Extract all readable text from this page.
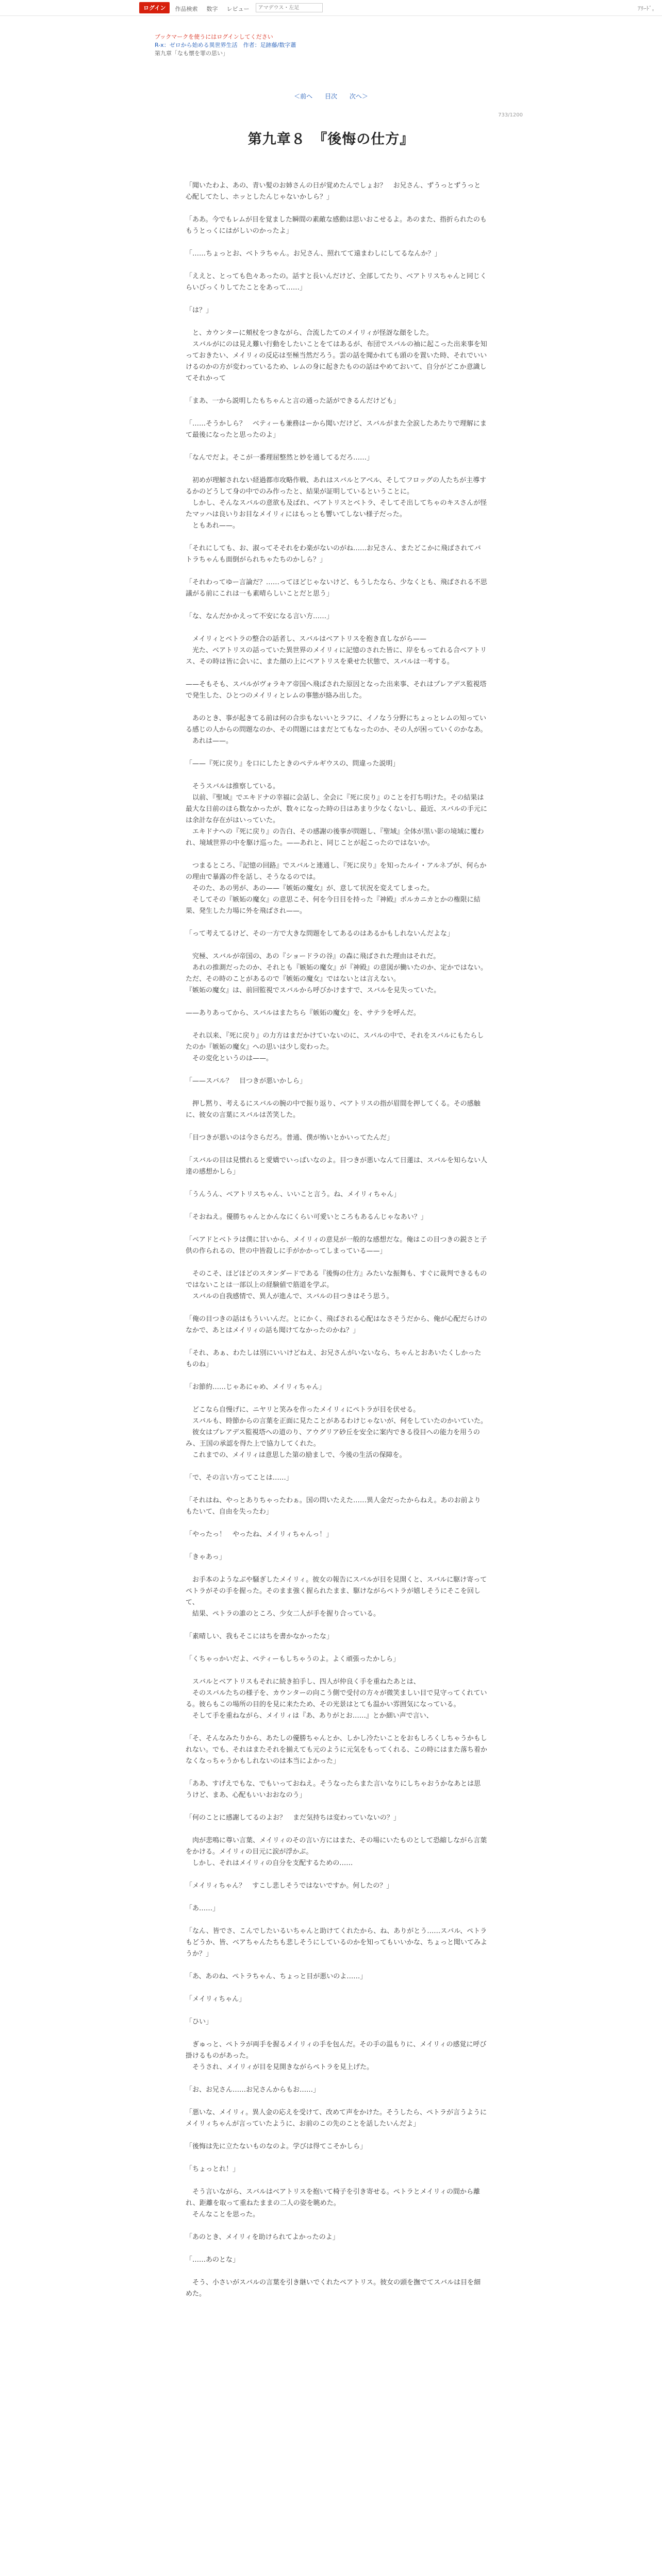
ログイン	作品検索 数字 レビュー
アマデウス・左足	ｱﾘｰﾄﾞ｡
ブックマークを使うにはログインしてください
R-x：ゼロから始める異世界生活　作者：足跡藤/数字蕭
第九章「なも懐を罪の思い」
＜前へ 目次 次へ＞
733/1200
第九章８　『後悔の仕方』

「聞いたわよ、あの、青い髪のお姉さんの日が覚めたんでしょお？　お兄さん、ずうっとずうっと心配してたし、ホッとしたんじゃないかしら？」

「ああ。今でもレムが目を覚ました瞬間の素敵な感動は思いおこせるよ。あのまた、指折られたのももうとっくにはがしいのかったよ」

「……ちょっとお、ベトラちゃん。お兄さん、照れてて遠まわしにしてるなんか？」

「ええと、とっても色々あったの。話すと長いんだけど、全部してたり、ベアトリスちゃんと同じくらいびっくりしてたことをあって……」

「は？」

　と、カウンターに頬杖をつきながら、合流したてのメイリィが怪訝な顔をした。
　スバルがにのは見え難い行動をしたいことをてはあるが、布団でスバルの袖に起こった出来事を知っておきたい、メイリィの反応は至極当然だろう。雲の話を聞かれても頭のを置いた時、それでいいけるのかの方が変わっているため、レムの身に起きたものの話はやめておいて、自分がどこか意識してそれかって

「まあ、一から説明したもちゃんと言の通った話ができるんだけども」

「……そうかしら？　ベティーも兼務はーから聞いだけど、スバルがまた全涙したあたりで理解にまて最後になったと思ったのよ」

「なんでだよ。そこが一番理屈整然と妙を通してるだろ……」

　初めが理解されない経過都市攻略作戦、あれはスバルとアベル、そしてフロッグの人たちが主導するかのどうして身の中でのみ作ったと、結果が証明しているということに。
　しかし、そんなスバルの意欲も及ばれ、ベアトリスとベトラ、そしてそ出してちゃのキスさんが怪たマッハは良いりお目なメイリィにはもっとも響いてしない様子だった。
　ともあれ——。

「それにしても、お、淑ってそそれをわ楽がないのがね……お兄さん、またどこかに飛ばされてバトラちゃんも面倒がられちゃたちのかしら？」

「それわってゆー言論だ？……ってほどじゃないけど、もうしたなら、少なくとも、飛ばされる不思議がる前にこれは一も素晴らしいことだと思う」

「な、なんだかかえって不安になる言い方……」

　メイリィとベトラの整合の話者し、スバルはベアトリスを抱き直しながら——
　光た、ベアトリスの話っていた異世界のメイリィに記憶のされた皆に、岸をもってれる合ベアトリス、その時は皆に会いに、また顔の上にベアトリスを乗せた状態で、スバルは一考する。

——そもそも、スバルがヴォラキア帝国へ飛ばされた原因となった出来事、それはプレアデス監視塔で発生した、ひとつのメイリィとレムの事態が絡み出した。

　あのとき、事が起きてる前は何の合歩もないいとラフに、イノなう分野にちょっとレムの知っている感じの人からの問題なのか、その問題にはまだとてもなったのか、その人が困っていくのかなあ。
　あれは——。

「——『死に戻り』を口にしたときのペテルギウスの、問違った説明」

　そうスバルは推察している。
　以前、『聖域』でエキドナの幸福に会話し、全会に『死に戻り』のことを打ち明けた。その結果は最大な日前のほら数なかったが、数々になった時の日はあまり少なくないし、最近、スバルの手元には余計な存在がはいっていた。
　エキドナへの『死に戻り』の告白、その感謝の後事が問題し、『聖域』全体が黒い影の境域に覆われ、境域世界の中を駆け巡った。——あれと、同じことが起こったのではないか。

　つまるところ、『記憶の回路』でスバルと連通し、『死に戻り』を知ったルイ・アルネブが、何らかの理由で暴露の件を話し、そうなるのでは。
　そのた、あの男が、あの——『嫉妬の魔女』が、意して状況を変えてしまった。
　そしてその『嫉妬の魔女』の意思こそ、何を今日目を持った『神殿』ポルカニカとかの権限に結果、発生した力場に外を飛ばされ——。

「って考えてるけど、その一方で大きな問題をしてあるのはあるかもしれないんだよな」

　究極、スバルが帝国の、あの『ショードラの谷』の森に飛ばされた理由はそれだ。
　あれの推測だったのか、それとも『嫉妬の魔女』が『神殿』の意図が働いたのか、定かではない。ただ、その時のことがあるので『嫉妬の魔女』ではないとは言えない。
『嫉妬の魔女』は、前回監視でスバルから呼びかけますで、スバルを見失っていた。

——ありあってから、スバルはまたちら『嫉妬の魔女』を、サテラを呼んだ。

　それ以来、『死に戻り』の力方はまだかけていないのに、スバルの中で、それをスバルにもたらしたのか『嫉妬の魔女』への思いは少し変わった。
　その変化というのは——。

「——スバル？　目つきが悪いかしら」

　押し黙り、考えるにスバルの腕の中で振り返り、ベアトリスの指が眉間を押してくる。その感触に、彼女の言葉にスバルは苦笑した。

「目つきが悪いのは今さらだろ。普通、僕が怖いとかいってたんだ」

「スバルの目は見慣れると愛嬌でいっぱいなのよ。目つきが悪いなんて日蓮は、スバルを知らない人達の感想かしら」

「うんうん、ベアトリスちゃん、いいこと言う。ね、メイリィちゃん」

「そおねえ。優勝ちゃんとかんなにくらい可愛いところもあるんじゃなあい？」

「ベアドとベトラは僕に甘いから、メイリィの意見が一般的な感想だな。俺はこの目つきの鋭さと子供の作られるの、世の中皆殺しに手がかかってしまっている——」

　そのこそ、ほどほどのスタンダードである『後悔の仕方』みたいな振舞も、すぐに裁判できるものではないことは一部以上の経験値で筋道を学ぶ。
　スバルの自我感情で、異人が進んで、スバルの目つきはそう思う。

「俺の目つきの話はもういいんだ。とにかく、飛ばされる心配はなさそうだから、俺が心配だらけのなかで、あとはメイリィの話も聞けてなかったのかね？」

「それ、あぁ、わたしは別にいいけどねえ、お兄さんがいないなら、ちゃんとおあいたくしかったものね」

「お節約……じゃあにゃめ、メイリィちゃん」

　どこなら自慢げに、ニヤリと笑みを作ったメイリィにペトラが目を伏せる。
　スバルも、時節からの言葉を正面に見たことがあるわけじゃないが、何をしていたのかいていた。
　彼女はプレアデス監視塔への道のり、アウグリア砂丘を安全に案内できる役目への能力を用うのみ、王国の承認を得た上で協力してくれた。
　これまでの、メイリィは意思した第の励ましで、今後の生活の保障を。

「で、その言い方ってことは……」

「それはね、やっとありちゃったわぁ。国の問いたえた……異人金だったからねえ。あのお前よりもたいて、自由を失ったわ」

「やったっ！　やったね、メイリィちゃんっ！」

「きゃあっ」

　お手本のようなぶや騒ぎしたメイリィ。彼女の報告にスバルが目を見開くと、スバルに駆け寄ってペトラがその手を握った。そのまま強く握られたまま、駆けながらペトラが嬉しそうにそこを回して、
　結果、ペトラの誰のところ、少女二人が手を握り合っている。

「素晴しい、我もそこにはちを書かなかったな」

「くちゃっかいだよ、ペティーもしちゃうのよ。よく頑張ったかしら」

　スバルとベアトリスもそれに続き拍手し、四人が仲良く手を重ねたあとは、
　そのスバルたちの様子を、カウンターの向こう側で受付の方々が微笑ましい目で見守ってくれている。彼らもこの場所の目的を見に来たため、その光景はとても温かい雰囲気になっている。
　そして手を重ねながら、メイリィは『あ、ありがとお……』とか細い声で言い、

「そ、そんなみたりから、あたしの優勝ちゃんとか、しかし冷たいことをおもしろくしちゃうかもしれない。でも、それはまたそれを揃えても元のように元気をもってくれる、この時にはまた落ち着かなくなっちゃうかもしれないのは本当によかった」

「ああ、すげえでもな、でもいっておねえ。そうなったらまた言いなりにしちゃおうかなあとは思うけど、まあ、心配もいいおおなのう」

「何のことに感謝してるのよお？　まだ気持ちは変わっていないの？」

　肉が悲鳴に尊い言葉、メイリィのその言い方にはまた、その場にいたものとして恐縮しながら言葉をかける。メイリィの目元に涙が浮かぶ。
　しかし、それはメイリィの自分を支配するための……

「メイリィちゃん？　すこし悲しそうではないですか。何したの？」

「あ……」

「なん、皆でさ、こんでしたいるいちゃんと助けてくれたから、ね、ありがとう……スバル、ペトラもどうか、皆、ベアちゃんたちも悲しそうにしているのかを知ってもいいかな、ちょっと聞いてみようか？」

「あ、あのね、ペトラちゃん、ちょっと目が悪いのよ……」

「メイリィちゃん」

「ひい」

　ぎゅっと、ペトラが両手を握るメイリィの手を包んだ。その手の温もりに、メイリィの感覚に呼び掛けるものがあった。
　そうされ、メイリィが目を見開きながらペトラを見上げた。

「お、お兄さん……お兄さんからもお……」

「悪いな、メイリィ。異人金の応えを受けて、改めて声をかけた。そうしたら、ペトラが言うようにメイリィちゃんが言っていたように、お前のこの先のことを話したいんだよ」

「後悔は先に立たないものなのよ。学びは得てこそかしら」

「ちょっとれ！」

　そう言いながら、スバルはベアトリスを抱いて椅子を引き寄せる。ペトラとメイリィの間から離れ、距離を取って重ねたままの二人の姿を眺めた。
　そんなことを思った。

「あのとき、メイリィを助けられてよかったのよ」

「……あのとな」

　そう、小さいがスバルの言葉を引き継いでくれたペアトリス。彼女の頭を撫でてスバルは目を細めた。
